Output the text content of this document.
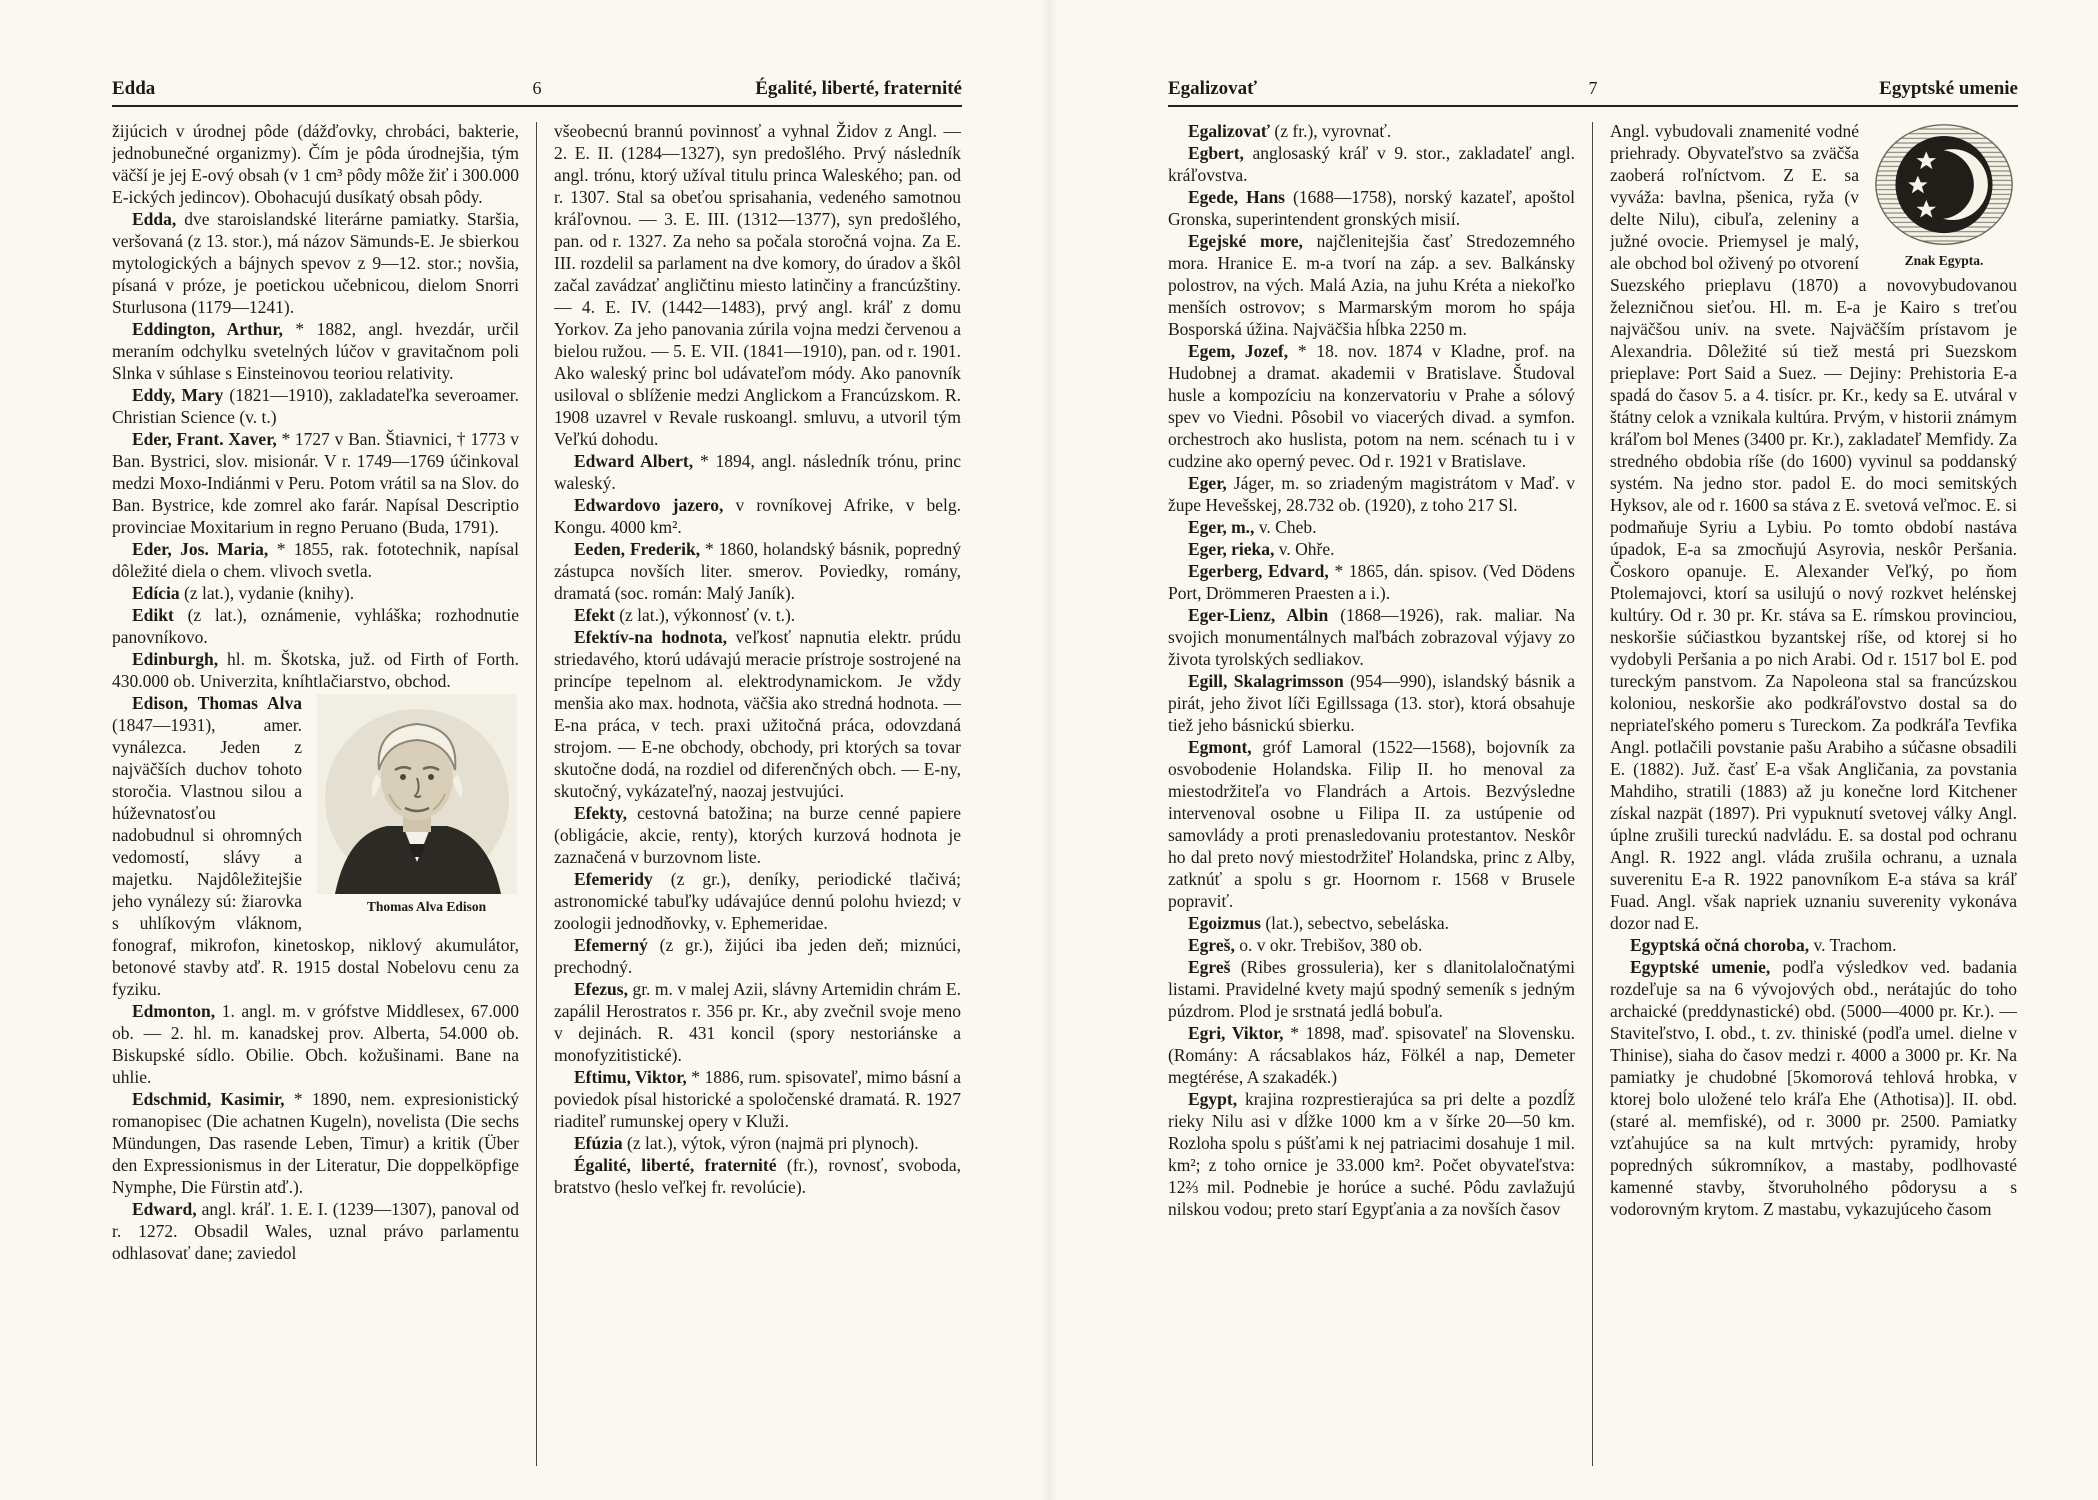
Edda	6	Égalité, liberté, fraternité

žijúcich v úrodnej pôde (dážďovky, chrobáci, bakterie, jednobunečné organizmy). Čím je pôda úrodnejšia, tým väčší je jej E-ový obsah (v 1 cm³ pôdy môže žiť i 300.000 E-ických jedincov). Obohacujú dusíkatý obsah pôdy.

Edda, dve staroislandské literárne pamiatky. Staršia, veršovaná (z 13. stor.), má názov Sämunds-E. Je sbierkou mytologických a bájnych spevov z 9—12. stor.; novšia, písaná v próze, je poetickou učebnicou, dielom Snorri Sturlusona (1179—1241).

Eddington, Arthur, * 1882, angl. hvezdár, určil meraním odchylku svetelných lúčov v gravitačnom poli Slnka v súhlase s Einsteinovou teoriou relativity.

Eddy, Mary (1821—1910), zakladateľka severoamer. Christian Science (v. t.)

Eder, Frant. Xaver, * 1727 v Ban. Štiavnici, † 1773 v Ban. Bystrici, slov. misionár. V r. 1749—1769 účinkoval medzi Moxo-Indiánmi v Peru. Potom vrátil sa na Slov. do Ban. Bystrice, kde zomrel ako farár. Napísal Descriptio provinciae Moxitarium in regno Peruano (Buda, 1791).

Eder, Jos. Maria, * 1855, rak. fototechnik, napísal dôležité diela o chem. vlivoch svetla.

Edícia (z lat.), vydanie (knihy).

Edikt (z lat.), oznámenie, vyhláška; rozhodnutie panovníkovo.

Edinburgh, hl. m. Škotska, juž. od Firth of Forth. 430.000 ob. Univerzita, kníhtlačiarstvo, obchod.

Thomas Alva Edison
Edison, Thomas Alva (1847—1931), amer. vynálezca. Jeden z najväčších duchov tohoto storočia. Vlastnou silou a húževnatosťou nadobudnul si ohromných vedomostí, slávy a majetku. Najdôležitejšie jeho vynálezy sú: žiarovka s uhlíkovým vláknom, fonograf, mikrofon, kinetoskop, niklový akumulátor, betonové stavby atď. R. 1915 dostal Nobelovu cenu za fyziku.

Edmonton, 1. angl. m. v grófstve Middlesex, 67.000 ob. — 2. hl. m. kanadskej prov. Alberta, 54.000 ob. Biskupské sídlo. Obilie. Obch. kožušinami. Bane na uhlie.

Edschmid, Kasimir, * 1890, nem. expresionistický romanopisec (Die achatnen Kugeln), novelista (Die sechs Mündungen, Das rasende Leben, Timur) a kritik (Über den Expressionismus in der Literatur, Die doppelköpfige Nymphe, Die Fürstin atď.).

Edward, angl. kráľ. 1. E. I. (1239—1307), panoval od r. 1272. Obsadil Wales, uznal právo parlamentu odhlasovať dane; zaviedol

všeobecnú brannú povinnosť a vyhnal Židov z Angl. — 2. E. II. (1284—1327), syn predošlého. Prvý následník angl. trónu, ktorý užíval titulu princa Waleského; pan. od r. 1307. Stal sa obeťou sprisahania, vedeného samotnou kráľovnou. — 3. E. III. (1312—1377), syn predošlého, pan. od r. 1327. Za neho sa počala storočná vojna. Za E. III. rozdelil sa parlament na dve komory, do úradov a škôl začal zavádzať angličtinu miesto latinčiny a francúzštiny. — 4. E. IV. (1442—1483), prvý angl. kráľ z domu Yorkov. Za jeho panovania zúrila vojna medzi červenou a bielou ružou. — 5. E. VII. (1841—1910), pan. od r. 1901. Ako waleský princ bol udávateľom módy. Ako panovník usiloval o sblíženie medzi Anglickom a Francúzskom. R. 1908 uzavrel v Revale ruskoangl. smluvu, a utvoril tým Veľkú dohodu.

Edward Albert, * 1894, angl. následník trónu, princ waleský.

Edwardovo jazero, v rovníkovej Afrike, v belg. Kongu. 4000 km².

Eeden, Frederik, * 1860, holandský básnik, popredný zástupca novších liter. smerov. Poviedky, romány, dramatá (soc. román: Malý Janík).

Efekt (z lat.), výkonnosť (v. t.).

Efektív-na hodnota, veľkosť napnutia elektr. prúdu striedavého, ktorú udávajú meracie prístroje sostrojené na princípe tepelnom al. elektrodynamickom. Je vždy menšia ako max. hodnota, väčšia ako stredná hodnota. — E-na práca, v tech. praxi užitočná práca, odovzdaná strojom. — E-ne obchody, obchody, pri ktorých sa tovar skutočne dodá, na rozdiel od diferenčných obch. — E-ny, skutočný, vykázateľný, naozaj jestvujúci.

Efekty, cestovná batožina; na burze cenné papiere (obligácie, akcie, renty), ktorých kurzová hodnota je zaznačená v burzovnom liste.

Efemeridy (z gr.), deníky, periodické tlačivá; astronomické tabuľky udávajúce dennú polohu hviezd; v zoologii jednodňovky, v. Ephemeridae.

Efemerný (z gr.), žijúci iba jeden deň; miznúci, prechodný.

Efezus, gr. m. v malej Azii, slávny Artemidin chrám E. zapálil Herostratos r. 356 pr. Kr., aby zvečnil svoje meno v dejinách. R. 431 koncil (spory nestoriánske a monofyzitistické).

Eftimu, Viktor, * 1886, rum. spisovateľ, mimo básní a poviedok písal historické a spoločenské dramatá. R. 1927 riaditeľ rumunskej opery v Kluži.

Efúzia (z lat.), výtok, výron (najmä pri plynoch).

Égalité, liberté, fraternité (fr.), rovnosť, svoboda, bratstvo (heslo veľkej fr. revolúcie).

Egalizovať	7	Egyptské umenie

Egalizovať (z fr.), vyrovnať.

Egbert, anglosaský kráľ v 9. stor., zakladateľ angl. kráľovstva.

Egede, Hans (1688—1758), norský kazateľ, apoštol Gronska, superintendent gronských misií.

Egejské more, najčlenitejšia časť Stredozemného mora. Hranice E. m-a tvorí na záp. a sev. Balkánsky polostrov, na vých. Malá Azia, na juhu Kréta a niekoľko menších ostrovov; s Marmarským morom ho spája Bosporská úžina. Najväčšia hĺbka 2250 m.

Egem, Jozef, * 18. nov. 1874 v Kladne, prof. na Hudobnej a dramat. akademii v Bratislave. Študoval husle a kompozíciu na konzervatoriu v Prahe a sólový spev vo Viedni. Pôsobil vo viacerých divad. a symfon. orchestroch ako huslista, potom na nem. scénach tu i v cudzine ako operný pevec. Od r. 1921 v Bratislave.

Eger, Jáger, m. so zriadeným magistrátom v Maď. v župe Hevešskej, 28.732 ob. (1920), z toho 217 Sl.

Eger, m., v. Cheb.

Eger, rieka, v. Ohře.

Egerberg, Edvard, * 1865, dán. spisov. (Ved Dödens Port, Drömmeren Praesten a i.).

Eger-Lienz, Albin (1868—1926), rak. maliar. Na svojich monumentálnych maľbách zobrazoval výjavy zo života tyrolských sedliakov.

Egill, Skalagrimsson (954—990), islandský básnik a pirát, jeho život líči Egillssaga (13. stor), ktorá obsahuje tiež jeho básnickú sbierku.

Egmont, gróf Lamoral (1522—1568), bojovník za osvobodenie Holandska. Filip II. ho menoval za miestodržiteľa vo Flandrách a Artois. Bezvýsledne intervenoval osobne u Filipa II. za ustúpenie od samovlády a proti prenasledovaniu protestantov. Neskôr ho dal preto nový miestodržiteľ Holandska, princ z Alby, zatknúť a spolu s gr. Hoornom r. 1568 v Brusele popraviť.

Egoizmus (lat.), sebectvo, sebeláska.

Egreš, o. v okr. Trebišov, 380 ob.

Egreš (Ribes grossuleria), ker s dlanitolaločnatými listami. Pravidelné kvety majú spodný semeník s jedným púzdrom. Plod je srstnatá jedlá bobuľa.

Egri, Viktor, * 1898, maď. spisovateľ na Slovensku. (Romány: A rácsablakos ház, Fölkél a nap, Demeter megtérése, A szakadék.)

Egypt, krajina rozprestierajúca sa pri delte a pozdĺž rieky Nilu asi v dĺžke 1000 km a v šírke 20—50 km. Rozloha spolu s púšťami k nej patriacimi dosahuje 1 mil. km²; z toho ornice je 33.000 km². Počet obyvateľstva: 12⅔ mil. Podnebie je horúce a suché. Pôdu zavlažujú nilskou vodou; preto starí Egypťania a za novších časov

Znak Egypta.
Angl. vybudovali znamenité vodné priehrady. Obyvateľstvo sa zväčša zaoberá roľníctvom. Z E. sa vyváža: bavlna, pšenica, ryža (v delte Nilu), cibuľa, zeleniny a južné ovocie. Priemysel je malý, ale obchod bol oživený po otvorení Suezského prieplavu (1870) a novovybudovanou železničnou sieťou. Hl. m. E-a je Kairo s treťou najväčšou univ. na svete. Najväčším prístavom je Alexandria. Dôležité sú tiež mestá pri Suezskom prieplave: Port Said a Suez. — Dejiny: Prehistoria E-a spadá do časov 5. a 4. tisícr. pr. Kr., kedy sa E. utváral v štátny celok a vznikala kultúra. Prvým, v historii známym kráľom bol Menes (3400 pr. Kr.), zakladateľ Memfidy. Za stredného obdobia ríše (do 1600) vyvinul sa poddanský systém. Na jedno stor. padol E. do moci semitských Hyksov, ale od r. 1600 sa stáva z E. svetová veľmoc. E. si podmaňuje Syriu a Lybiu. Po tomto období nastáva úpadok, E-a sa zmocňujú Asyrovia, neskôr Peršania. Čoskoro opanuje. E. Alexander Veľký, po ňom Ptolemajovci, ktorí sa usilujú o nový rozkvet helénskej kultúry. Od r. 30 pr. Kr. stáva sa E. rímskou provinciou, neskoršie súčiastkou byzantskej ríše, od ktorej si ho vydobyli Peršania a po nich Arabi. Od r. 1517 bol E. pod tureckým panstvom. Za Napoleona stal sa francúzskou koloniou, neskoršie ako podkráľovstvo dostal sa do nepriateľského pomeru s Tureckom. Za podkráľa Tevfika Angl. potlačili povstanie pašu Arabiho a súčasne obsadili E. (1882). Juž. časť E-a však Angličania, za povstania Mahdiho, stratili (1883) až ju konečne lord Kitchener získal nazpät (1897). Pri vypuknutí svetovej války Angl. úplne zrušili tureckú nadvládu. E. sa dostal pod ochranu Angl. R. 1922 angl. vláda zrušila ochranu, a uznala suverenitu E-a R. 1922 panovníkom E-a stáva sa kráľ Fuad. Angl. však napriek uznaniu suverenity vykonáva dozor nad E.

Egyptská očná choroba, v. Trachom.

Egyptské umenie, podľa výsledkov ved. badania rozdeľuje sa na 6 vývojových obd., nerátajúc do toho archaické (preddynastické) obd. (5000—4000 pr. Kr.). — Staviteľstvo, I. obd., t. zv. thiniské (podľa umel. dielne v Thinise), siaha do časov medzi r. 4000 a 3000 pr. Kr. Na pamiatky je chudobné [5komorová tehlová hrobka, v ktorej bolo uložené telo kráľa Ehe (Athotisa)]. II. obd. (staré al. memfiské), od r. 3000 pr. 2500. Pamiatky vzťahujúce sa na kult mrtvých: pyramidy, hroby popredných súkromníkov, a mastaby, podlhovasté kamenné stavby, štvoruholného pôdorysu a s vodorovným krytom. Z mastabu, vykazujúceho časom
